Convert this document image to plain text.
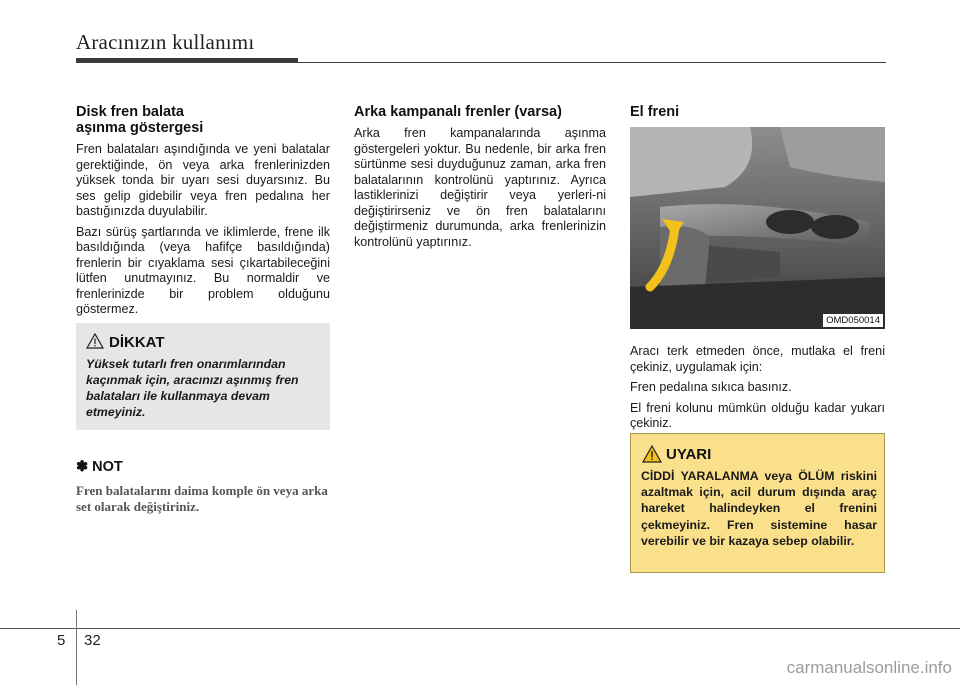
Aracınızın kullanımı
Disk fren balata
aşınma göstergesi

Fren balataları aşındığında ve yeni balatalar gerektiğinde, ön veya arka frenlerinizden yüksek tonda bir uyarı sesi duyarsınız. Bu ses gelip gidebilir veya fren pedalına her bastığınızda duyulabilir.

Bazı sürüş şartlarında ve iklimlerde, frene ilk basıldığında (veya hafifçe basıldığında) frenlerin bir cıyaklama sesi çıkartabileceğini lütfen unutmayınız. Bu normaldir ve frenlerinizde bir problem olduğunu göstermez.

DİKKAT
Yüksek tutarlı fren onarımlarından kaçınmak için, aracınızı aşınmış fren balataları ile kullanmaya devam etmeyiniz.
✽ NOT
Fren balatalarını daima komple ön veya arka set olarak değiştiriniz.
Arka kampanalı frenler (varsa)

Arka fren kampanalarında aşınma göstergeleri yoktur. Bu nedenle, bir arka fren sürtünme sesi duyduğunuz zaman, arka fren balatalarının kontrolünü yaptırınız. Ayrıca lastiklerinizi değiştirir veya yerleri-ni değiştirirseniz ve ön fren balatalarını değiştirmeniz durumunda, arka frenlerinizin kontrolünü yaptırınız.

El freni
OMD050014

Aracı terk etmeden önce, mutlaka el freni çekiniz, uygulamak için:

Fren pedalına sıkıca basınız.

El freni kolunu mümkün olduğu kadar yukarı çekiniz.

UYARI
CİDDİ YARALANMA veya ÖLÜM riskini azaltmak için, acil durum dışında araç hareket halindeyken el frenini çekmeyiniz. Fren sistemine hasar verebilir ve bir kazaya sebep olabilir.
5 32
carmanualsonline.info
